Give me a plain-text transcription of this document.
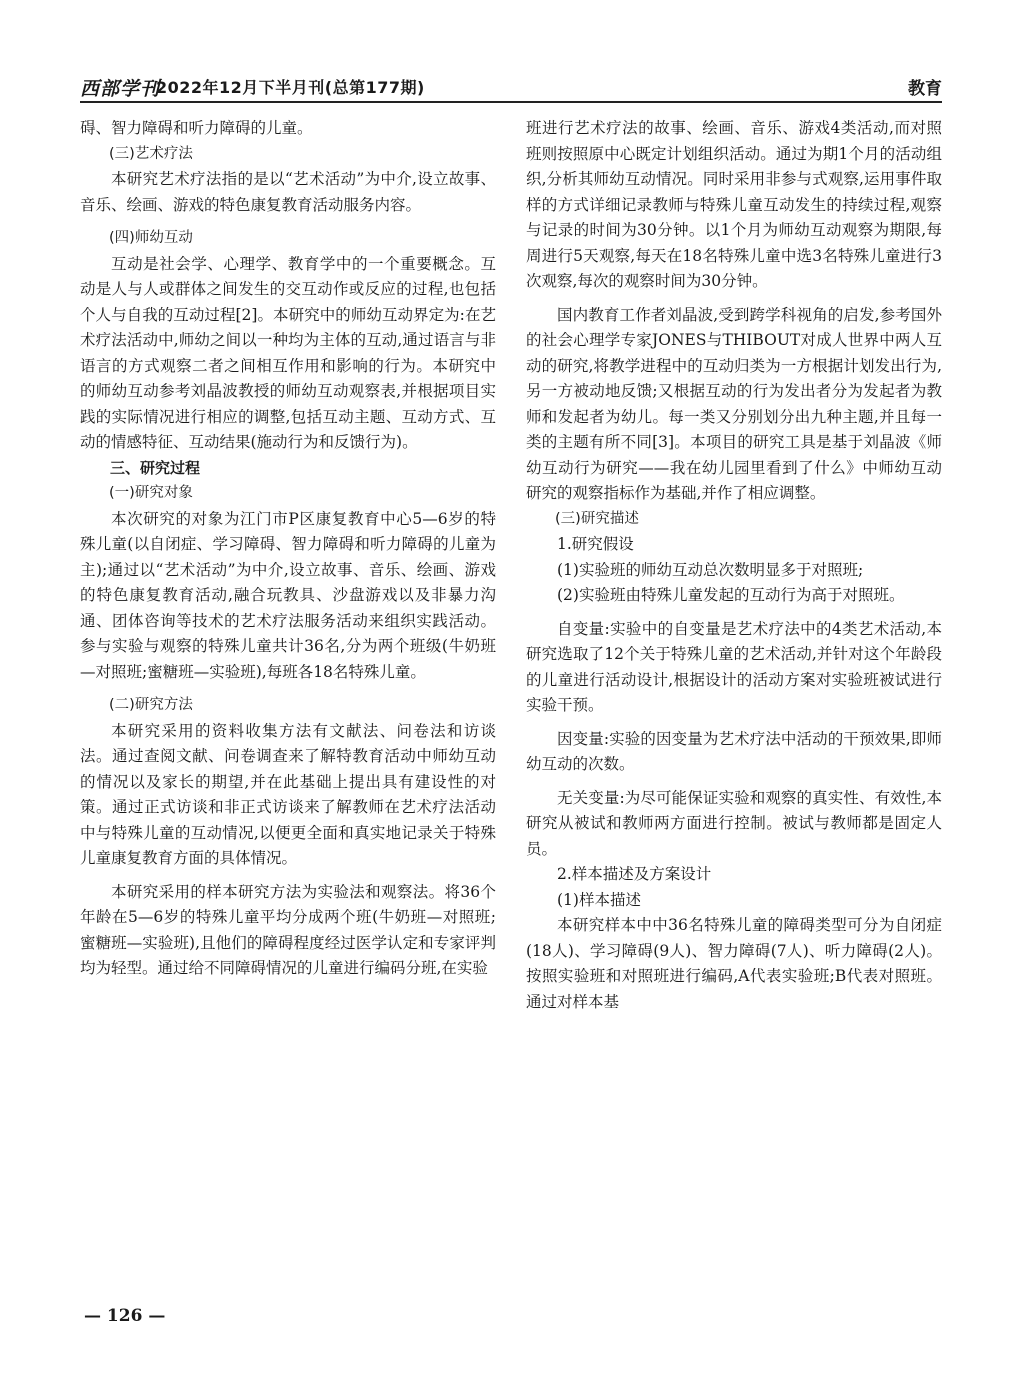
西部学刊
2022年12月下半月刊(总第177期)	教育

碍、智力障碍和听力障碍的儿童。

(三)艺术疗法

本研究艺术疗法指的是以“艺术活动”为中介,设立故事、音乐、绘画、游戏的特色康复教育活动服务内容。

(四)师幼互动

互动是社会学、心理学、教育学中的一个重要概念。互动是人与人或群体之间发生的交互动作或反应的过程,也包括个人与自我的互动过程[2]。本研究中的师幼互动界定为:在艺术疗法活动中,师幼之间以一种均为主体的互动,通过语言与非语言的方式观察二者之间相互作用和影响的行为。本研究中的师幼互动参考刘晶波教授的师幼互动观察表,并根据项目实践的实际情况进行相应的调整,包括互动主题、互动方式、互动的情感特征、互动结果(施动行为和反馈行为)。

三、研究过程

(一)研究对象

本次研究的对象为江门市P区康复教育中心5—6岁的特殊儿童(以自闭症、学习障碍、智力障碍和听力障碍的儿童为主);通过以“艺术活动”为中介,设立故事、音乐、绘画、游戏的特色康复教育活动,融合玩教具、沙盘游戏以及非暴力沟通、团体咨询等技术的艺术疗法服务活动来组织实践活动。参与实验与观察的特殊儿童共计36名,分为两个班级(牛奶班—对照班;蜜糖班—实验班),每班各18名特殊儿童。

(二)研究方法

本研究采用的资料收集方法有文献法、问卷法和访谈法。通过查阅文献、问卷调查来了解特教育活动中师幼互动的情况以及家长的期望,并在此基础上提出具有建设性的对策。通过正式访谈和非正式访谈来了解教师在艺术疗法活动中与特殊儿童的互动情况,以便更全面和真实地记录关于特殊儿童康复教育方面的具体情况。

本研究采用的样本研究方法为实验法和观察法。将36个年龄在5—6岁的特殊儿童平均分成两个班(牛奶班—对照班;蜜糖班—实验班),且他们的障碍程度经过医学认定和专家评判均为轻型。通过给不同障碍情况的儿童进行编码分班,在实验

班进行艺术疗法的故事、绘画、音乐、游戏4类活动,而对照班则按照原中心既定计划组织活动。通过为期1个月的活动组织,分析其师幼互动情况。同时采用非参与式观察,运用事件取样的方式详细记录教师与特殊儿童互动发生的持续过程,观察与记录的时间为30分钟。以1个月为师幼互动观察为期限,每周进行5天观察,每天在18名特殊儿童中选3名特殊儿童进行3次观察,每次的观察时间为30分钟。

国内教育工作者刘晶波,受到跨学科视角的启发,参考国外的社会心理学专家JONES与THIBOUT对成人世界中两人互动的研究,将教学进程中的互动归类为一方根据计划发出行为,另一方被动地反馈;又根据互动的行为发出者分为发起者为教师和发起者为幼儿。每一类又分别划分出九种主题,并且每一类的主题有所不同[3]。本项目的研究工具是基于刘晶波《师幼互动行为研究——我在幼儿园里看到了什么》中师幼互动研究的观察指标作为基础,并作了相应调整。

(三)研究描述

1.研究假设

(1)实验班的师幼互动总次数明显多于对照班;

(2)实验班由特殊儿童发起的互动行为高于对照班。

自变量:实验中的自变量是艺术疗法中的4类艺术活动,本研究选取了12个关于特殊儿童的艺术活动,并针对这个年龄段的儿童进行活动设计,根据设计的活动方案对实验班被试进行实验干预。

因变量:实验的因变量为艺术疗法中活动的干预效果,即师幼互动的次数。

无关变量:为尽可能保证实验和观察的真实性、有效性,本研究从被试和教师两方面进行控制。被试与教师都是固定人员。

2.样本描述及方案设计

(1)样本描述

本研究样本中中36名特殊儿童的障碍类型可分为自闭症(18人)、学习障碍(9人)、智力障碍(7人)、听力障碍(2人)。按照实验班和对照班进行编码,A代表实验班;B代表对照班。通过对样本基

— 126 —
